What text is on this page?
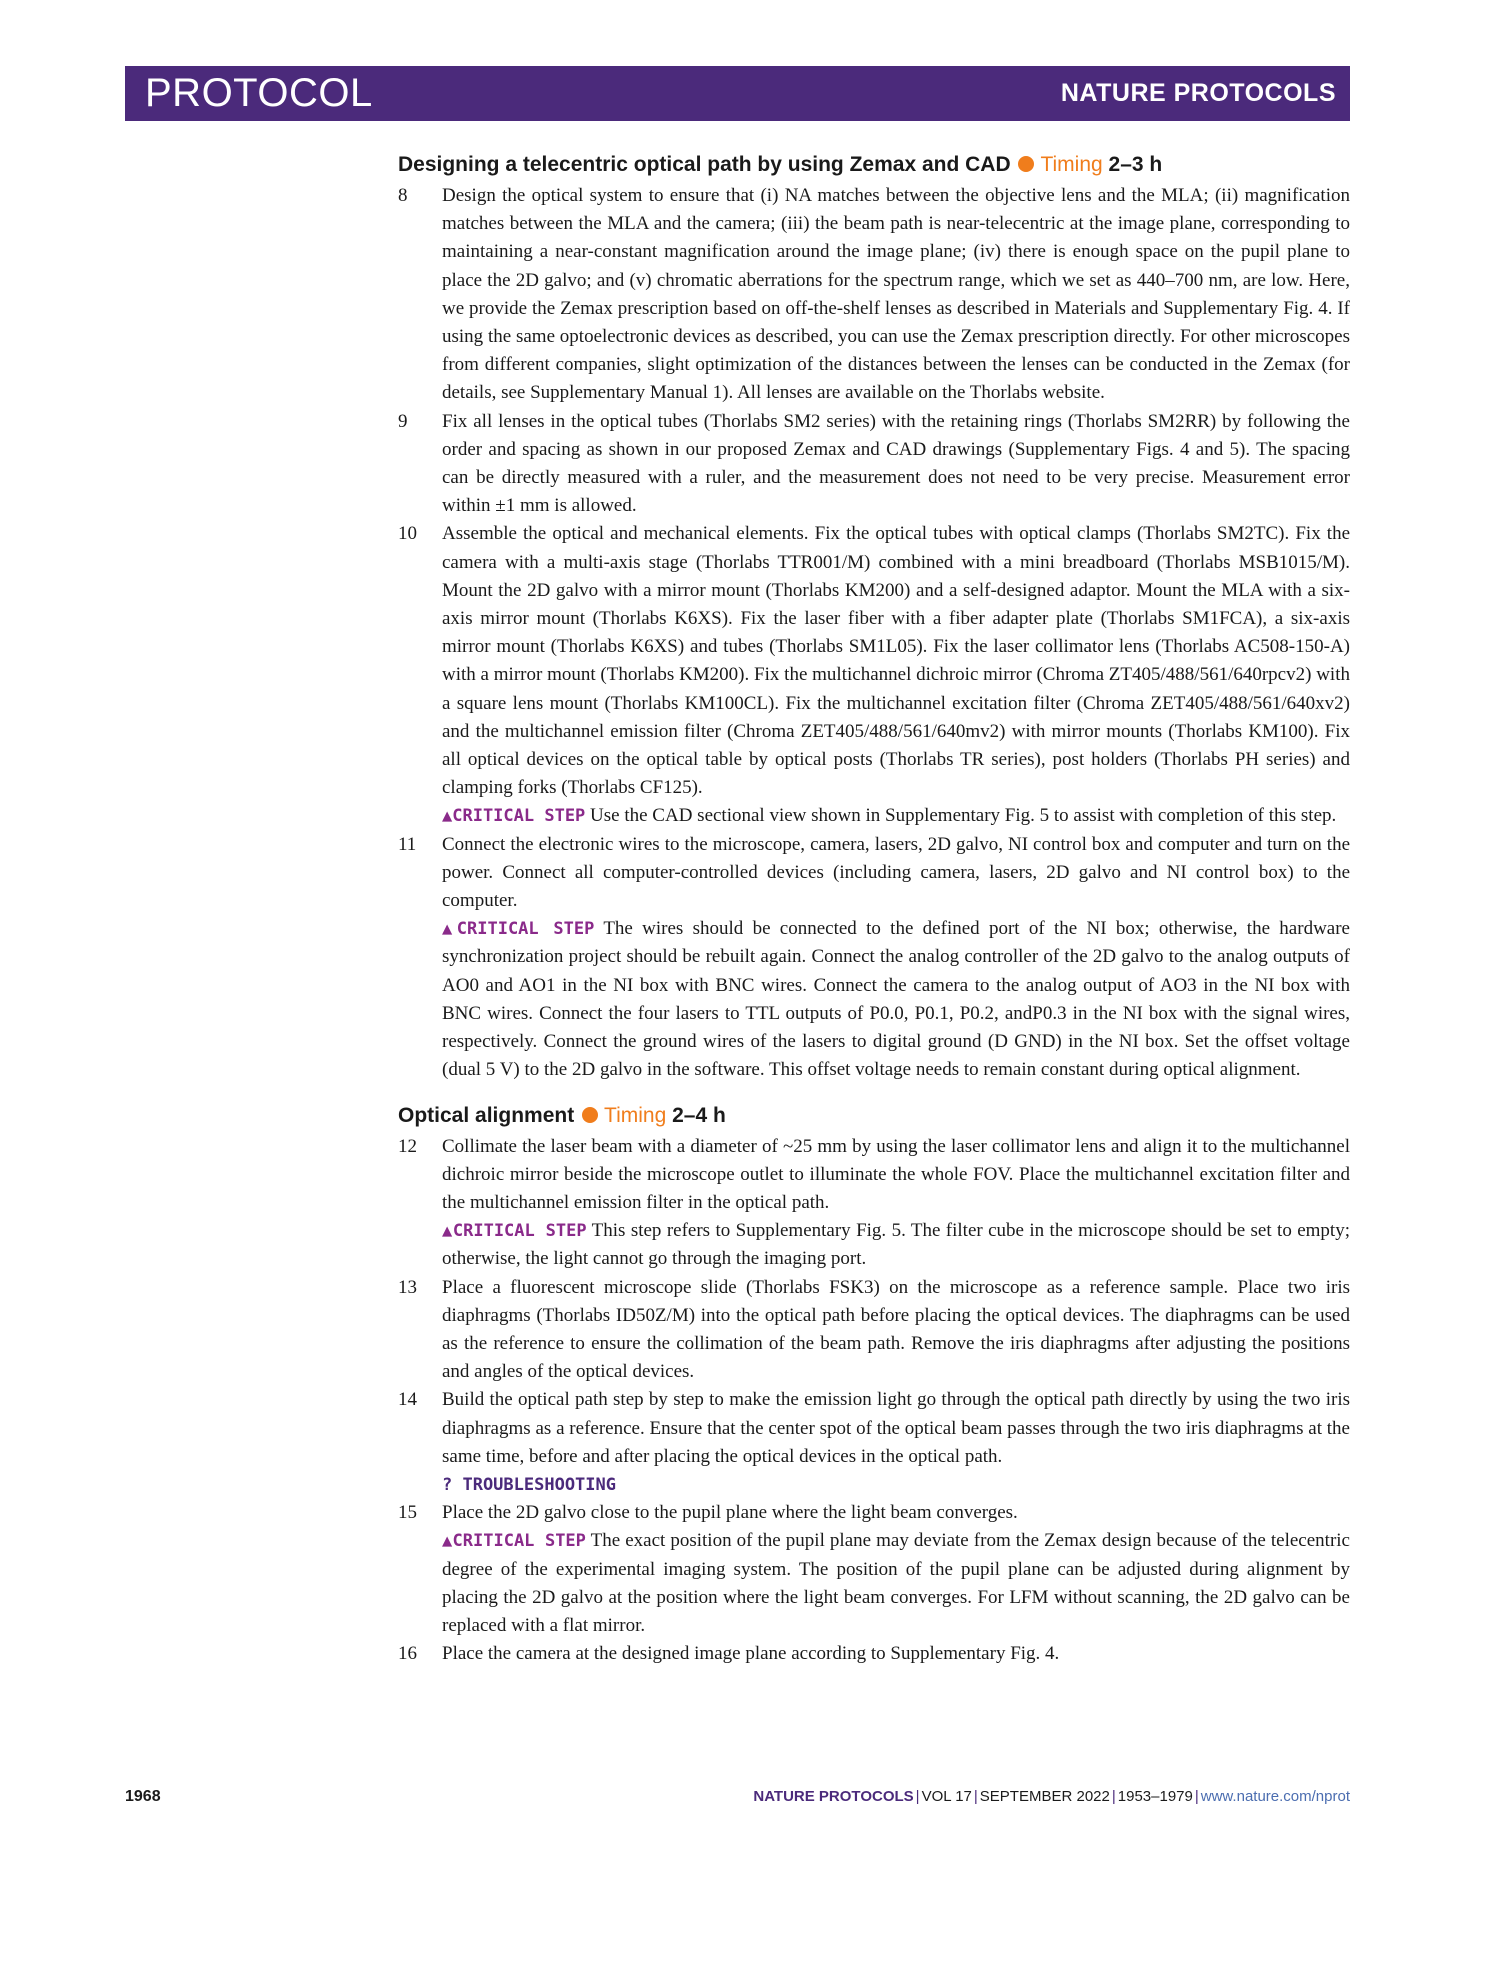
PROTOCOL	NATURE PROTOCOLS
Designing a telecentric optical path by using Zemax and CAD Timing 2–3 h
8	Design the optical system to ensure that (i) NA matches between the objective lens and the MLA; (ii) magnification matches between the MLA and the camera; (iii) the beam path is near-telecentric at the image plane, corresponding to maintaining a near-constant magnification around the image plane; (iv) there is enough space on the pupil plane to place the 2D galvo; and (v) chromatic aberrations for the spectrum range, which we set as 440–700 nm, are low. Here, we provide the Zemax prescription based on off-the-shelf lenses as described in Materials and Supplementary Fig. 4. If using the same optoelectronic devices as described, you can use the Zemax prescription directly. For other microscopes from different companies, slight optimization of the distances between the lenses can be conducted in the Zemax (for details, see Supplementary Manual 1). All lenses are available on the Thorlabs website.

9	Fix all lenses in the optical tubes (Thorlabs SM2 series) with the retaining rings (Thorlabs SM2RR) by following the order and spacing as shown in our proposed Zemax and CAD drawings (Supplementary Figs. 4 and 5). The spacing can be directly measured with a ruler, and the measurement does not need to be very precise. Measurement error within ±1 mm is allowed.

10	Assemble the optical and mechanical elements. Fix the optical tubes with optical clamps (Thorlabs SM2TC). Fix the camera with a multi-axis stage (Thorlabs TTR001/M) combined with a mini breadboard (Thorlabs MSB1015/M). Mount the 2D galvo with a mirror mount (Thorlabs KM200) and a self-designed adaptor. Mount the MLA with a six-axis mirror mount (Thorlabs K6XS). Fix the laser fiber with a fiber adapter plate (Thorlabs SM1FCA), a six-axis mirror mount (Thorlabs K6XS) and tubes (Thorlabs SM1L05). Fix the laser collimator lens (Thorlabs AC508-150-A) with a mirror mount (Thorlabs KM200). Fix the multichannel dichroic mirror (Chroma ZT405/488/561/640rpcv2) with a square lens mount (Thorlabs KM100CL). Fix the multichannel excitation filter (Chroma ZET405/488/561/640xv2) and the multichannel emission filter (Chroma ZET405/488/561/640mv2) with mirror mounts (Thorlabs KM100). Fix all optical devices on the optical table by optical posts (Thorlabs TR series), post holders (Thorlabs PH series) and clamping forks (Thorlabs CF125).

▲CRITICAL STEP Use the CAD sectional view shown in Supplementary Fig. 5 to assist with completion of this step.

11	Connect the electronic wires to the microscope, camera, lasers, 2D galvo, NI control box and computer and turn on the power. Connect all computer-controlled devices (including camera, lasers, 2D galvo and NI control box) to the computer.

▲CRITICAL STEP The wires should be connected to the defined port of the NI box; otherwise, the hardware synchronization project should be rebuilt again. Connect the analog controller of the 2D galvo to the analog outputs of AO0 and AO1 in the NI box with BNC wires. Connect the camera to the analog output of AO3 in the NI box with BNC wires. Connect the four lasers to TTL outputs of P0.0, P0.1, P0.2, andP0.3 in the NI box with the signal wires, respectively. Connect the ground wires of the lasers to digital ground (D GND) in the NI box. Set the offset voltage (dual 5 V) to the 2D galvo in the software. This offset voltage needs to remain constant during optical alignment.

Optical alignment Timing 2–4 h
12	Collimate the laser beam with a diameter of ~25 mm by using the laser collimator lens and align it to the multichannel dichroic mirror beside the microscope outlet to illuminate the whole FOV. Place the multichannel excitation filter and the multichannel emission filter in the optical path.

▲CRITICAL STEP This step refers to Supplementary Fig. 5. The filter cube in the microscope should be set to empty; otherwise, the light cannot go through the imaging port.

13	Place a fluorescent microscope slide (Thorlabs FSK3) on the microscope as a reference sample. Place two iris diaphragms (Thorlabs ID50Z/M) into the optical path before placing the optical devices. The diaphragms can be used as the reference to ensure the collimation of the beam path. Remove the iris diaphragms after adjusting the positions and angles of the optical devices.

14	Build the optical path step by step to make the emission light go through the optical path directly by using the two iris diaphragms as a reference. Ensure that the center spot of the optical beam passes through the two iris diaphragms at the same time, before and after placing the optical devices in the optical path.

? TROUBLESHOOTING

15	Place the 2D galvo close to the pupil plane where the light beam converges.

▲CRITICAL STEP The exact position of the pupil plane may deviate from the Zemax design because of the telecentric degree of the experimental imaging system. The position of the pupil plane can be adjusted during alignment by placing the 2D galvo at the position where the light beam converges. For LFM without scanning, the 2D galvo can be replaced with a flat mirror.

16	Place the camera at the designed image plane according to Supplementary Fig. 4.

1968	NATURE PROTOCOLS | VOL 17 | SEPTEMBER 2022 | 1953–1979 | www.nature.com/nprot
